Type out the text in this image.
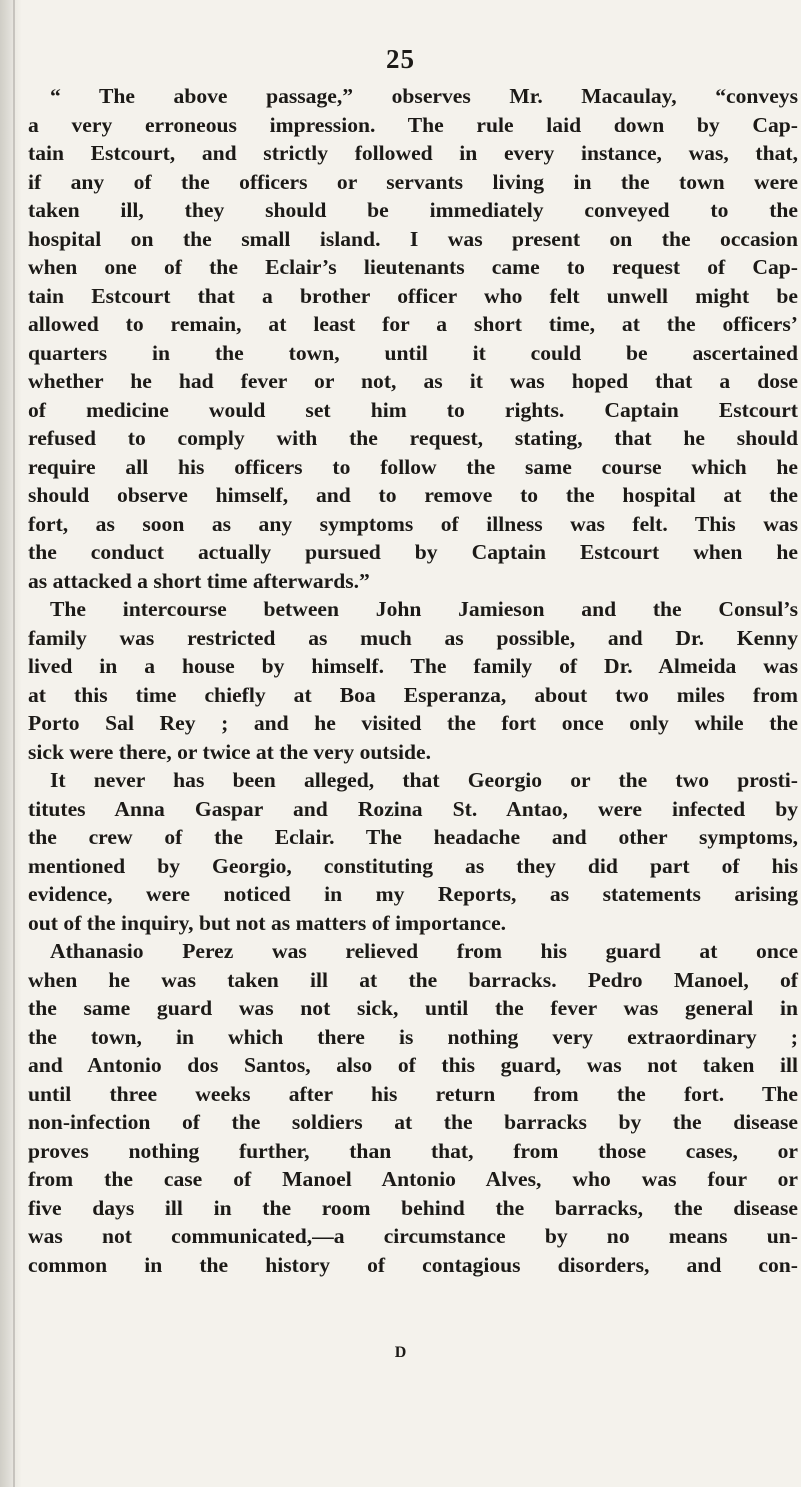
25
“ The above passage,” observes Mr. Macaulay, “conveys
a very erroneous impression. The rule laid down by Cap-
tain Estcourt, and strictly followed in every instance, was, that,
if any of the officers or servants living in the town were
taken ill, they should be immediately conveyed to the
hospital on the small island. I was present on the occasion
when one of the Eclair’s lieutenants came to request of Cap-
tain Estcourt that a brother officer who felt unwell might be
allowed to remain, at least for a short time, at the officers’
quarters in the town, until it could be ascertained
whether he had fever or not, as it was hoped that a dose
of medicine would set him to rights. Captain Estcourt
refused to comply with the request, stating, that he should
require all his officers to follow the same course which he
should observe himself, and to remove to the hospital at the
fort, as soon as any symptoms of illness was felt. This was
the conduct actually pursued by Captain Estcourt when he
as attacked a short time afterwards.”
The intercourse between John Jamieson and the Consul’s
family was restricted as much as possible, and Dr. Kenny
lived in a house by himself. The family of Dr. Almeida was
at this time chiefly at Boa Esperanza, about two miles from
Porto Sal Rey ; and he visited the fort once only while the
sick were there, or twice at the very outside.
It never has been alleged, that Georgio or the two prosti-
titutes Anna Gaspar and Rozina St. Antao, were infected by
the crew of the Eclair. The headache and other symptoms,
mentioned by Georgio, constituting as they did part of his
evidence, were noticed in my Reports, as statements arising
out of the inquiry, but not as matters of importance.
Athanasio Perez was relieved from his guard at once
when he was taken ill at the barracks. Pedro Manoel, of
the same guard was not sick, until the fever was general in
the town, in which there is nothing very extraordinary ;
and Antonio dos Santos, also of this guard, was not taken ill
until three weeks after his return from the fort. The
non-infection of the soldiers at the barracks by the disease
proves nothing further, than that, from those cases, or
from the case of Manoel Antonio Alves, who was four or
five days ill in the room behind the barracks, the disease
was not communicated,—a circumstance by no means un-
common in the history of contagious disorders, and con-
D
